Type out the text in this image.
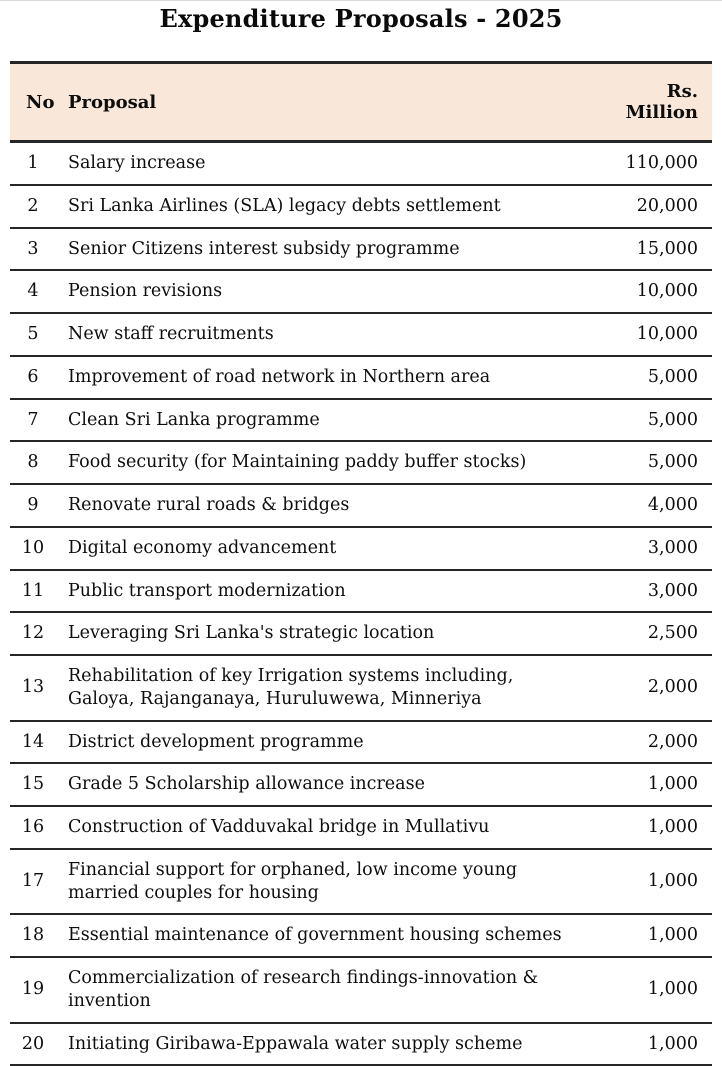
Expenditure Proposals - 2025
No	Proposal	Rs. Million
1	Salary increase	110,000
2	Sri Lanka Airlines (SLA) legacy debts settlement	20,000
3	Senior Citizens interest subsidy programme	15,000
4	Pension revisions	10,000
5	New staff recruitments	10,000
6	Improvement of road network in Northern area	5,000
7	Clean Sri Lanka programme	5,000
8	Food security (for Maintaining paddy buffer stocks)	5,000
9	Renovate rural roads & bridges	4,000
10	Digital economy advancement	3,000
11	Public transport modernization	3,000
12	Leveraging Sri Lanka's strategic location	2,500
13	Rehabilitation of key Irrigation systems including, Galoya, Rajanganaya, Huruluwewa, Minneriya	2,000
14	District development programme	2,000
15	Grade 5 Scholarship allowance increase	1,000
16	Construction of Vadduvakal bridge in Mullativu	1,000
17	Financial support for orphaned, low income young married couples for housing	1,000
18	Essential maintenance of government housing schemes	1,000
19	Commercialization of research findings-innovation & invention	1,000
20	Initiating Giribawa-Eppawala water supply scheme	1,000
